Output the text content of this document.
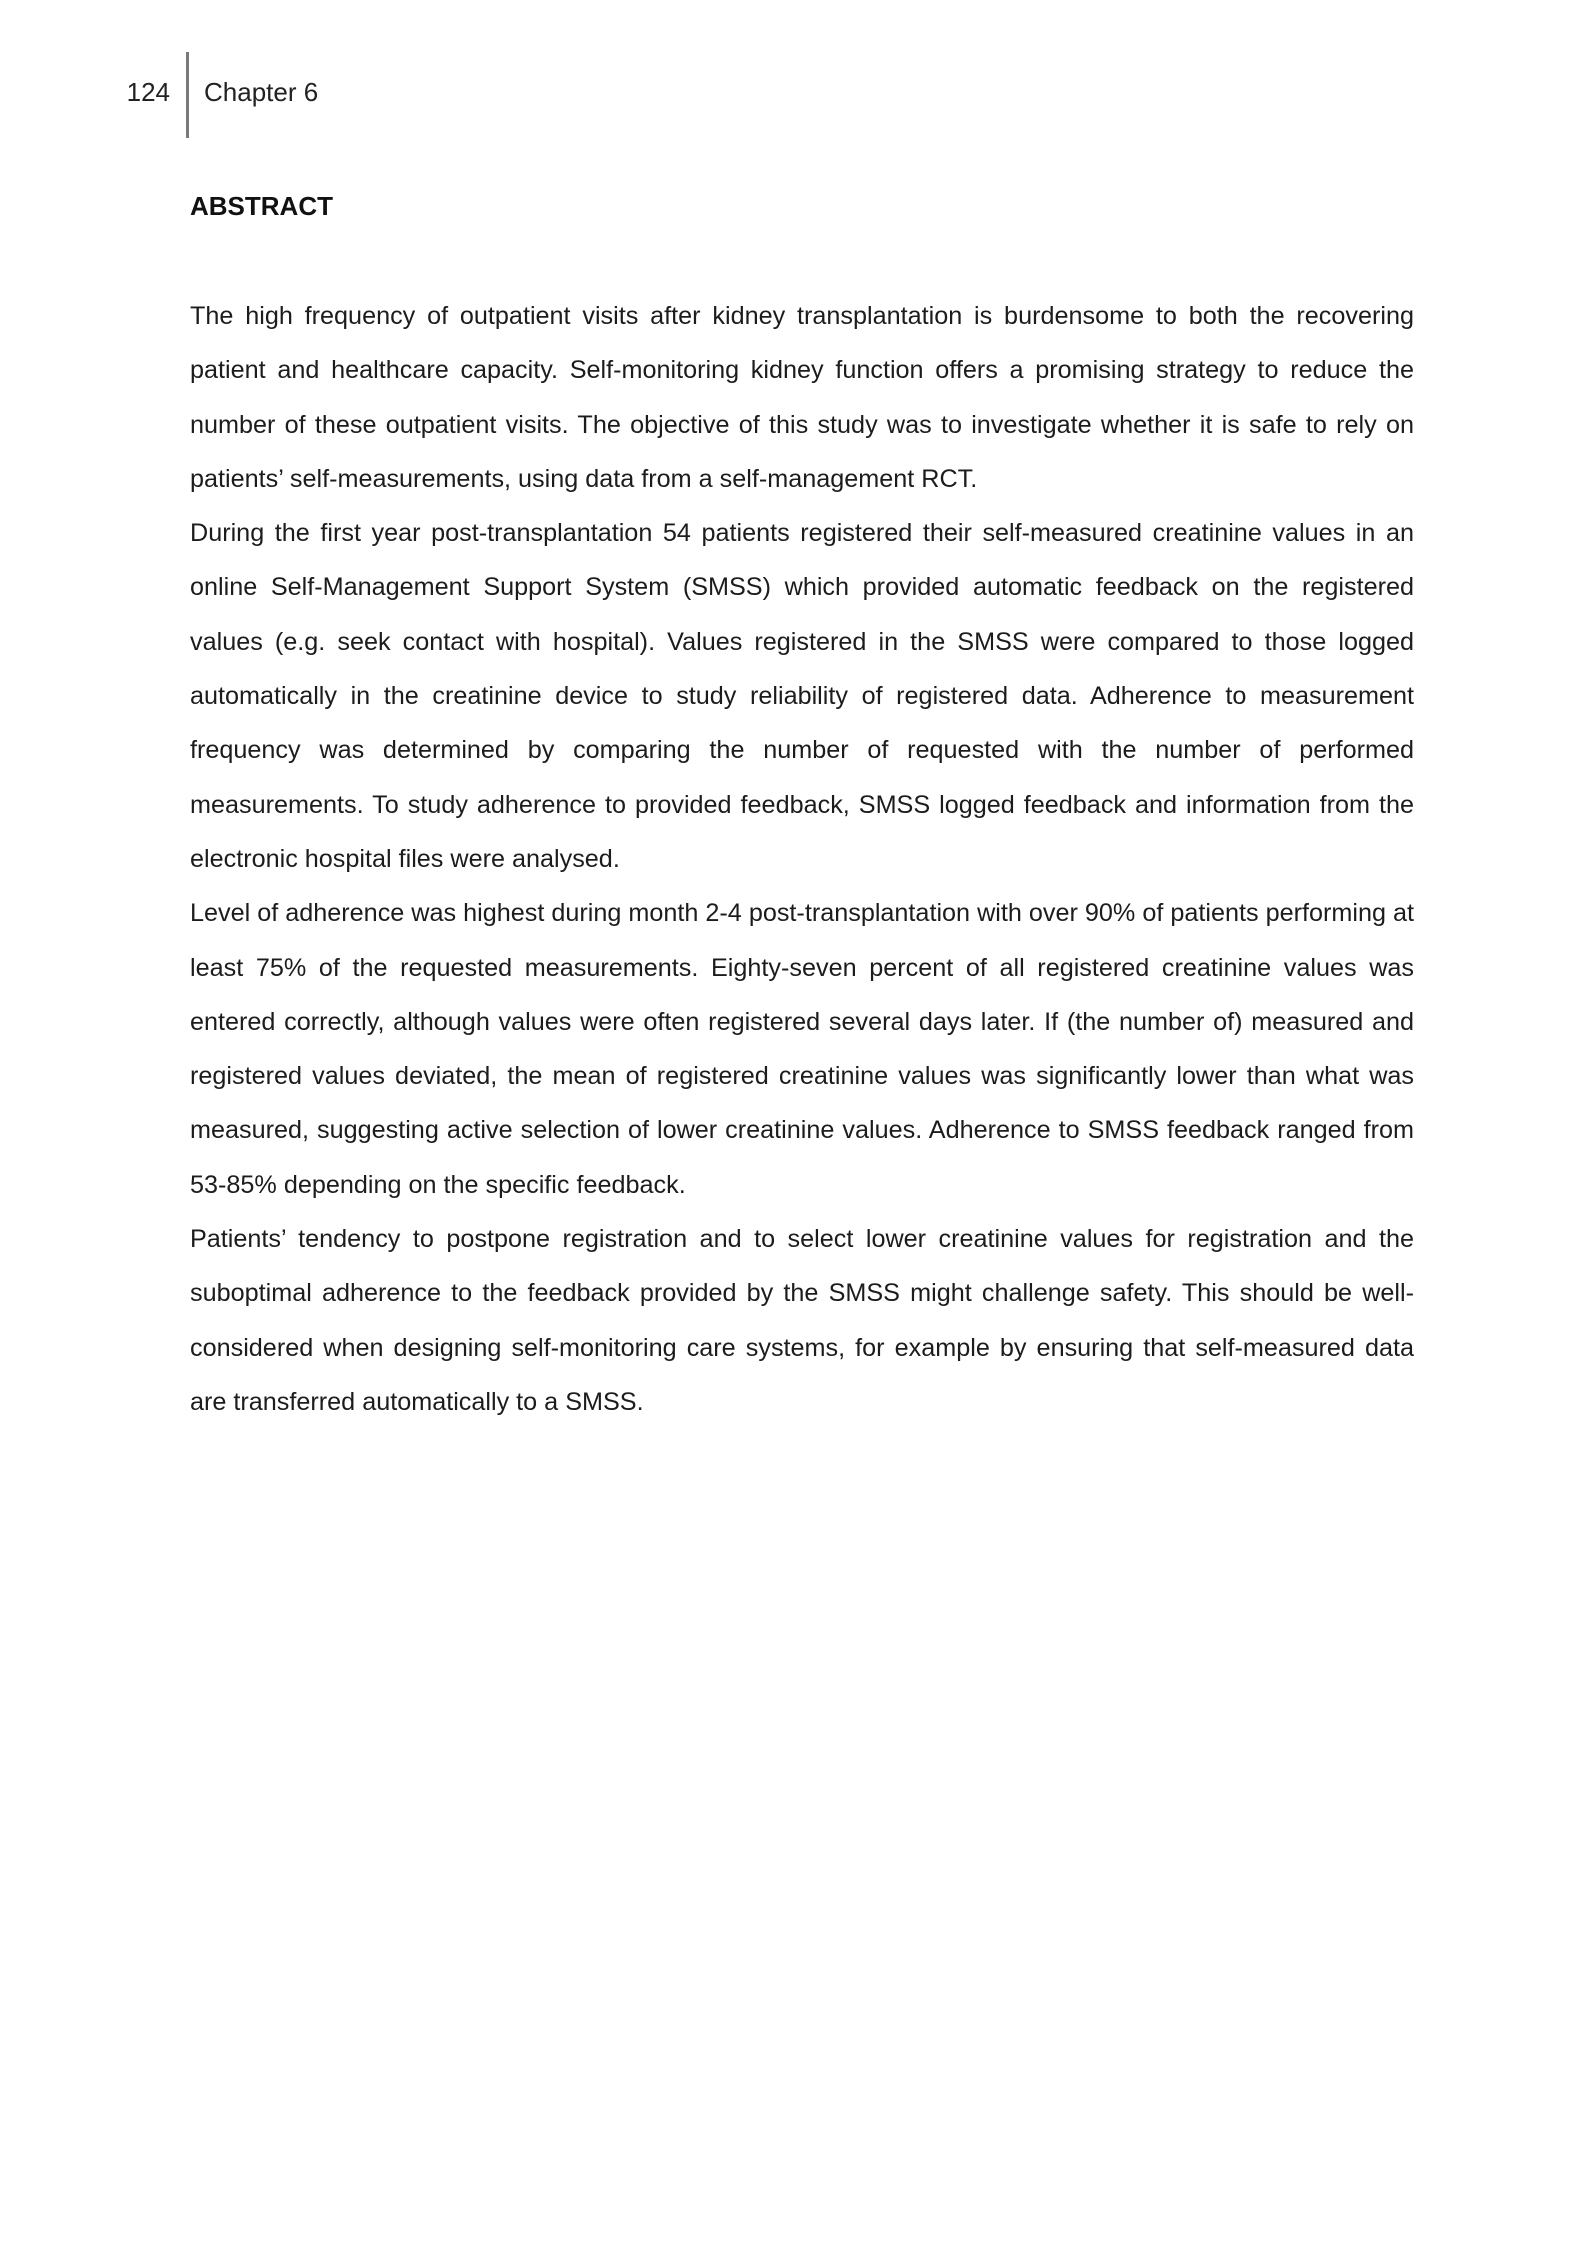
124 Chapter 6
ABSTRACT

The high frequency of outpatient visits after kidney transplantation is burdensome to both the recovering patient and healthcare capacity. Self-monitoring kidney function offers a promising strategy to reduce the number of these outpatient visits. The objective of this study was to investigate whether it is safe to rely on patients’ self-measurements, using data from a self-management RCT.

During the first year post-transplantation 54 patients registered their self-measured creatinine values in an online Self-Management Support System (SMSS) which provided automatic feedback on the registered values (e.g. seek contact with hospital). Values registered in the SMSS were compared to those logged automatically in the creatinine device to study reliability of registered data. Adherence to measurement frequency was determined by comparing the number of requested with the number of performed measurements. To study adherence to provided feedback, SMSS logged feedback and information from the electronic hospital files were analysed.

Level of adherence was highest during month 2-4 post-transplantation with over 90% of patients performing at least 75% of the requested measurements. Eighty-seven percent of all registered creatinine values was entered correctly, although values were often registered several days later. If (the number of) measured and registered values deviated, the mean of registered creatinine values was significantly lower than what was measured, suggesting active selection of lower creatinine values. Adherence to SMSS feedback ranged from 53-85% depending on the specific feedback.

Patients’ tendency to postpone registration and to select lower creatinine values for registration and the suboptimal adherence to the feedback provided by the SMSS might challenge safety. This should be well-considered when designing self-monitoring care systems, for example by ensuring that self-measured data are transferred automatically to a SMSS.
